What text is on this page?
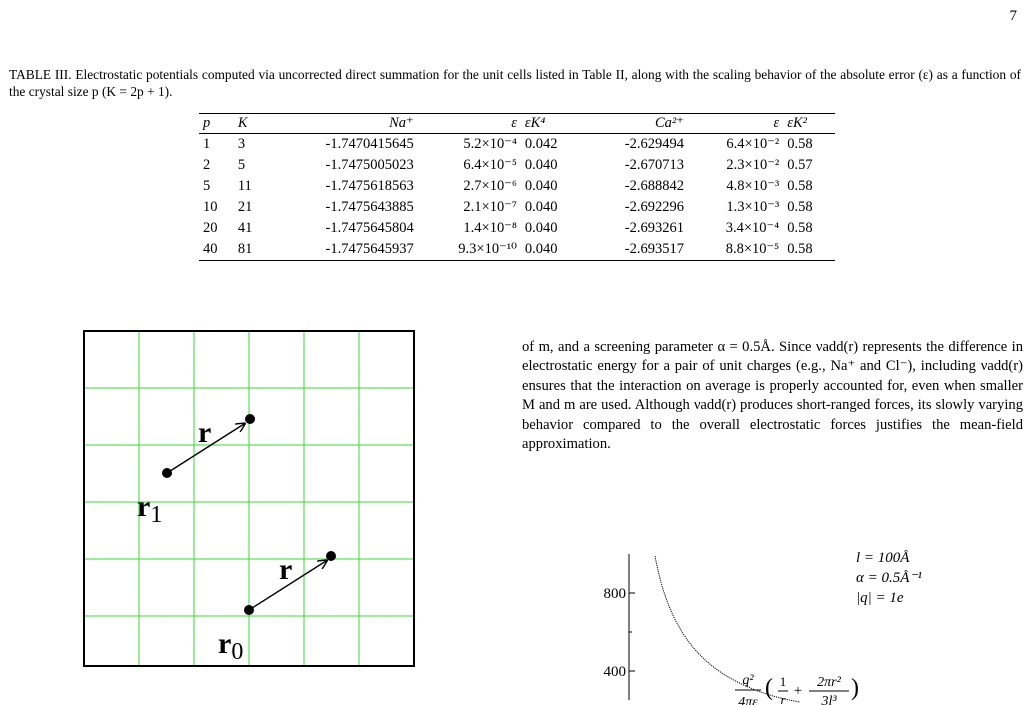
7
TABLE III. Electrostatic potentials computed via uncorrected direct summation for the unit cells listed in Table II, along with the scaling behavior of the absolute error (ε) as a function of the crystal size p (K = 2p + 1).
p	K	Na⁺	ε	εK⁴	Ca²⁺	ε	εK²
1	3	-1.7470415645	5.2×10⁻⁴	0.042	-2.629494	6.4×10⁻²	0.58
2	5	-1.7475005023	6.4×10⁻⁵	0.040	-2.670713	2.3×10⁻²	0.57
5	11	-1.7475618563	2.7×10⁻⁶	0.040	-2.688842	4.8×10⁻³	0.58
10	21	-1.7475643885	2.1×10⁻⁷	0.040	-2.692296	1.3×10⁻³	0.58
20	41	-1.7475645804	1.4×10⁻⁸	0.040	-2.693261	3.4×10⁻⁴	0.58
40	81	-1.7475645937	9.3×10⁻¹⁰	0.040	-2.693517	8.8×10⁻⁵	0.58
r
$r_1$
r
$r_0$
of m, and a screening parameter α = 0.5Å. Since νadd(r) represents the difference in electrostatic energy for a pair of unit charges (e.g., Na⁺ and Cl⁻), including νadd(r) ensures that the interaction on average is properly accounted for, even when smaller M and m are used. Although νadd(r) produces short-ranged forces, its slowly varying behavior compared to the overall electrostatic forces justifies the mean-field approximation.
800
400
l = 100Å
α = 0.5Å⁻¹
|q| = 1e
q²
4πε
( 1
r
+
2πr²
3l³
)
